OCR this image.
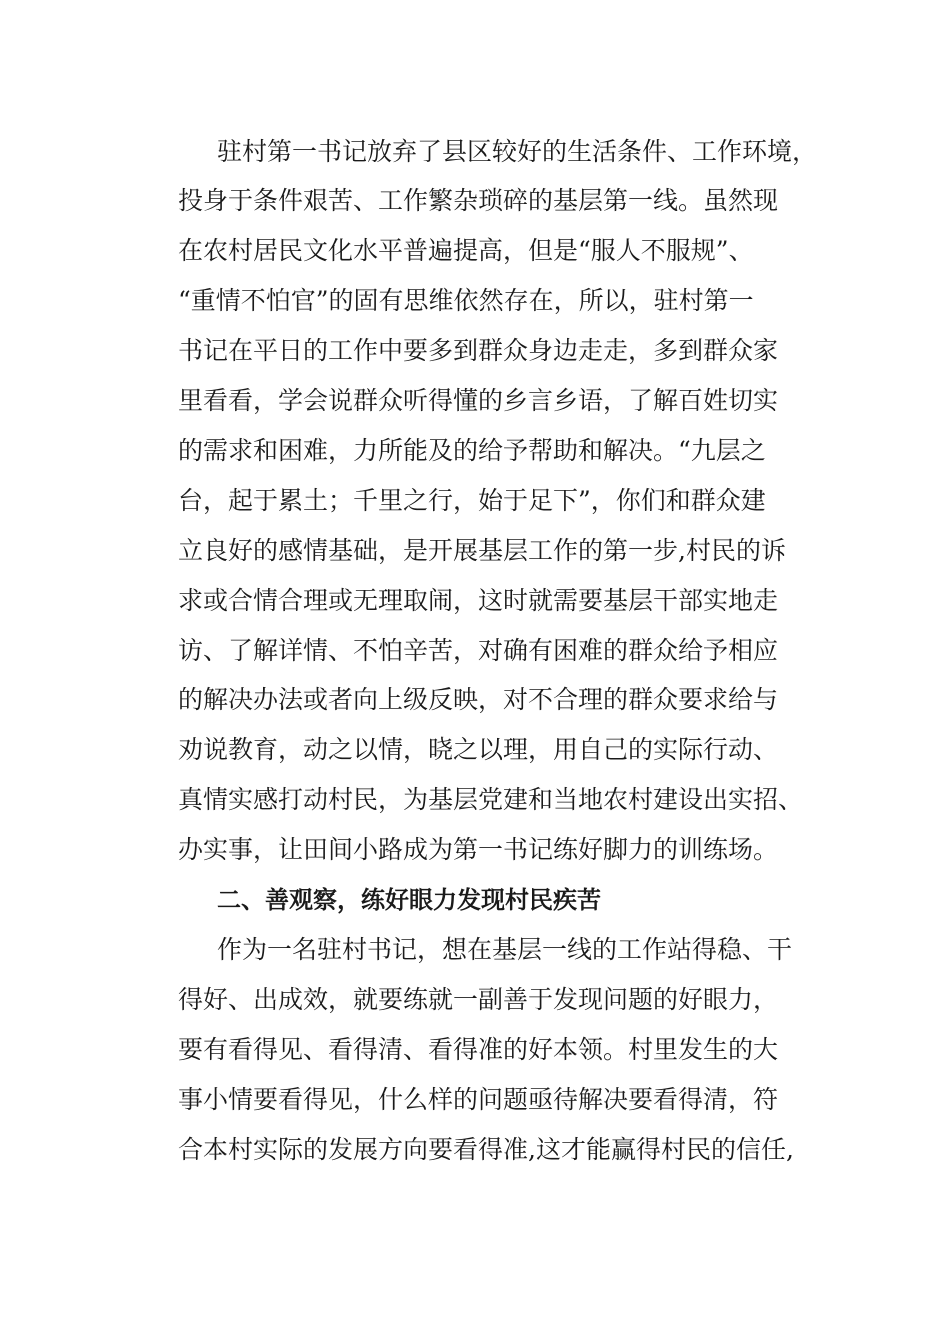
驻村第一书记放弃了县区较好的生活条件、工作环境，
投身于条件艰苦、工作繁杂琐碎的基层第一线。虽然现
在农村居民文化水平普遍提高，但是“服人不服规”、
“重情不怕官”的固有思维依然存在，所以，驻村第一
书记在平日的工作中要多到群众身边走走，多到群众家
里看看，学会说群众听得懂的乡言乡语，了解百姓切实
的需求和困难，力所能及的给予帮助和解决。“九层之
台，起于累土；千里之行，始于足下”，你们和群众建
立良好的感情基础，是开展基层工作的第一步,村民的诉
求或合情合理或无理取闹，这时就需要基层干部实地走
访、了解详情、不怕辛苦，对确有困难的群众给予相应
的解决办法或者向上级反映，对不合理的群众要求给与
劝说教育，动之以情，晓之以理，用自己的实际行动、
真情实感打动村民，为基层党建和当地农村建设出实招、
办实事，让田间小路成为第一书记练好脚力的训练场。
二、善观察，练好眼力发现村民疾苦
作为一名驻村书记，想在基层一线的工作站得稳、干
得好、出成效，就要练就一副善于发现问题的好眼力，
要有看得见、看得清、看得准的好本领。村里发生的大
事小情要看得见，什么样的问题亟待解决要看得清，符
合本村实际的发展方向要看得准,这才能赢得村民的信任,
